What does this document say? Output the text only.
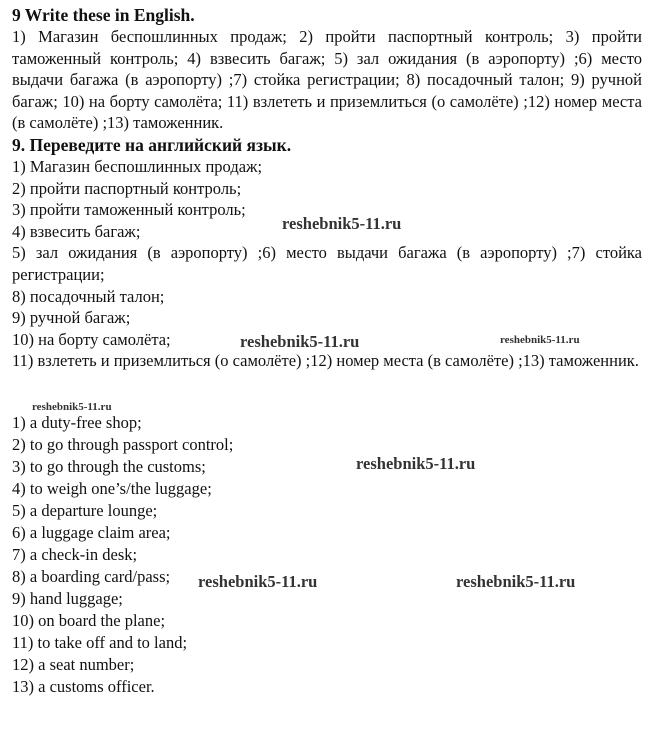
9 Write these in English.

1) Магазин беспошлинных продаж; 2) пройти паспортный контроль; 3) пройти таможенный контроль; 4) взвесить багаж; 5) зал ожидания (в аэропорту) ;6) место выдачи багажа (в аэропорту) ;7) стойка регистрации; 8) посадочный талон; 9) ручной багаж; 10) на борту самолёта; 11) взлететь и приземлиться (о самолёте) ;12) номер места (в самолёте) ;13) таможенник.

9. Переведите на английский язык.

1) Магазин беспошлинных продаж;

2) пройти паспортный контроль;

3) пройти таможенный контроль;

4) взвесить багаж;

5) зал ожидания (в аэропорту) ;6) место выдачи багажа (в аэропорту) ;7) стойка регистрации;

8) посадочный талон;

9) ручной багаж;

10) на борту самолёта;

11) взлететь и приземлиться (о самолёте) ;12) номер места (в самолёте) ;13) таможенник.

1) a duty-free shop;

2) to go through passport control;

3) to go through the customs;

4) to weigh one’s/the luggage;

5) a departure lounge;

6) a luggage claim area;

7) a check-in desk;

8) a boarding card/pass;

9) hand luggage;

10) on board the plane;

11) to take off and to land;

12) a seat number;

13) a customs officer.

reshebnik5-11.ru
reshebnik5-11.ru	reshebnik5-11.ru
reshebnik5-11.ru
reshebnik5-11.ru
reshebnik5-11.ru	reshebnik5-11.ru
